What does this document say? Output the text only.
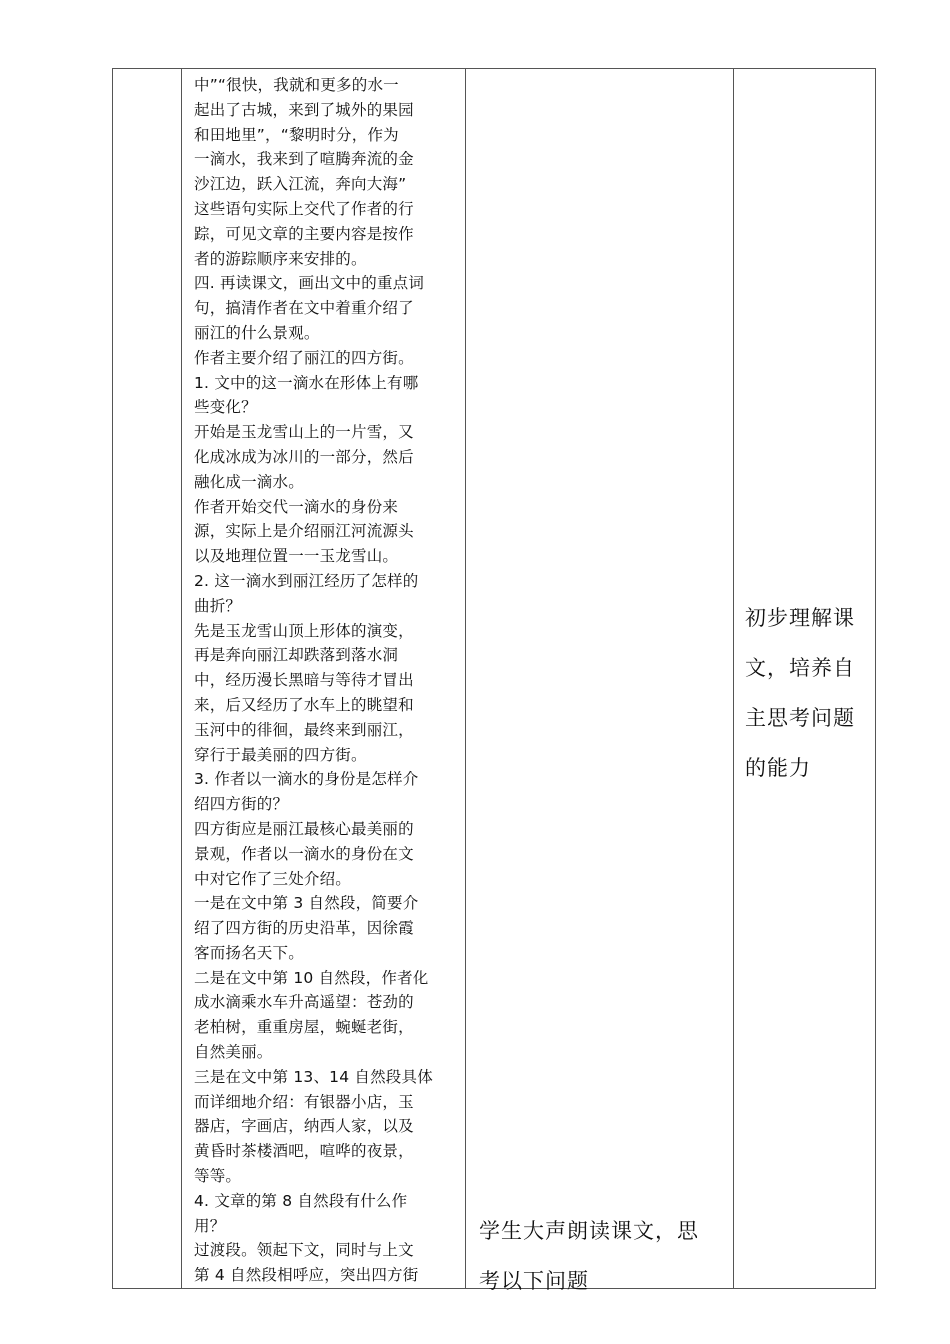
中”“很快，我就和更多的水一

起出了古城，来到了城外的果园

和田地里”，“黎明时分，作为

一滴水，我来到了喧腾奔流的金

沙江边，跃入江流，奔向大海”

这些语句实际上交代了作者的行

踪，可见文章的主要内容是按作

者的游踪顺序来安排的。

四. 再读课文，画出文中的重点词

句，搞清作者在文中着重介绍了

丽江的什么景观。

作者主要介绍了丽江的四方街。

1. 文中的这一滴水在形体上有哪

些变化？

开始是玉龙雪山上的一片雪，又

化成冰成为冰川的一部分，然后

融化成一滴水。

作者开始交代一滴水的身份来

源，实际上是介绍丽江河流源头

以及地理位置一一玉龙雪山。

2. 这一滴水到丽江经历了怎样的

曲折？

先是玉龙雪山顶上形体的演变，

再是奔向丽江却跌落到落水洞

中，经历漫长黑暗与等待才冒出

来，后又经历了水车上的眺望和

玉河中的徘徊，最终来到丽江，

穿行于最美丽的四方街。

3. 作者以一滴水的身份是怎样介

绍四方街的？

四方街应是丽江最核心最美丽的

景观，作者以一滴水的身份在文

中对它作了三处介绍。

一是在文中第 3 自然段，简要介

绍了四方街的历史沿革，因徐霞

客而扬名天下。

二是在文中第 10 自然段，作者化

成水滴乘水车升高遥望：苍劲的

老柏树，重重房屋，蜿蜒老街，

自然美丽。

三是在文中第 13、14 自然段具体

而详细地介绍：有银器小店，玉

器店，字画店，纳西人家，以及

黄昏时茶楼酒吧，喧哗的夜景，

等等。

4. 文章的第 8 自然段有什么作

用？

过渡段。领起下文，同时与上文

第 4 自然段相呼应，突出四方街

学生大声朗读课文，思

考以下问题

初步理解课

文，培养自

主思考问题

的能力
